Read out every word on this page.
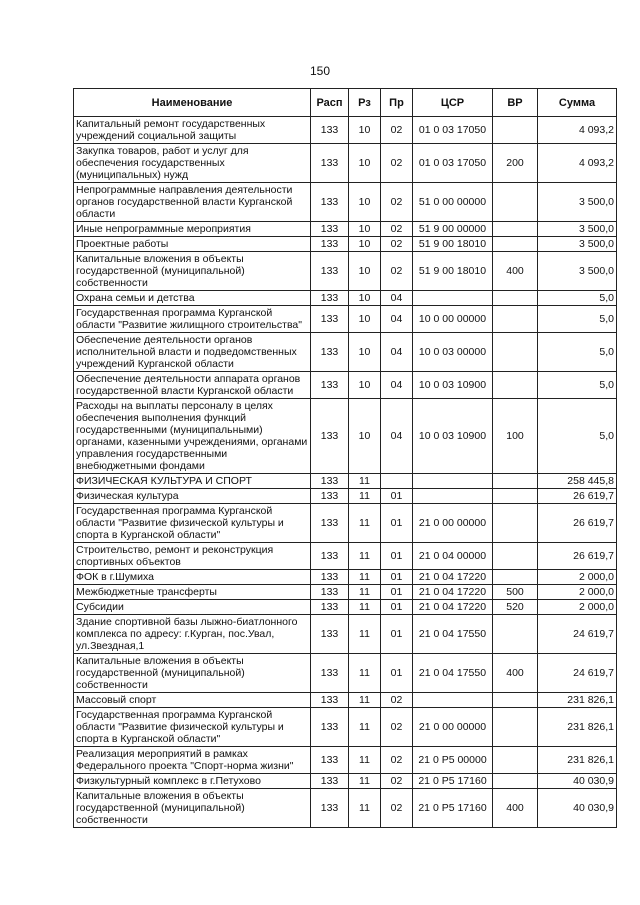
150
Наименование	Расп	Рз	Пр	ЦСР	ВР	Сумма
Капитальный ремонт государственных учреждений социальной защиты	133	10	02	01 0 03 17050		4 093,2
Закупка товаров, работ и услуг для обеспечения государственных (муниципальных) нужд	133	10	02	01 0 03 17050	200	4 093,2
Непрограммные направления деятельности органов государственной власти Курганской области	133	10	02	51 0 00 00000		3 500,0
Иные непрограммные мероприятия	133	10	02	51 9 00 00000		3 500,0
Проектные работы	133	10	02	51 9 00 18010		3 500,0
Капитальные вложения в объекты государственной (муниципальной) собственности	133	10	02	51 9 00 18010	400	3 500,0
Охрана семьи и детства	133	10	04			5,0
Государственная программа Курганской области "Развитие жилищного строительства"	133	10	04	10 0 00 00000		5,0
Обеспечение деятельности органов исполнительной власти и подведомственных учреждений Курганской области	133	10	04	10 0 03 00000		5,0
Обеспечение деятельности аппарата органов государственной власти Курганской области	133	10	04	10 0 03 10900		5,0
Расходы на выплаты персоналу в целях обеспечения выполнения функций государственными (муниципальными) органами, казенными учреждениями, органами управления государственными внебюджетными фондами	133	10	04	10 0 03 10900	100	5,0
ФИЗИЧЕСКАЯ КУЛЬТУРА И СПОРТ	133	11				258 445,8
Физическая культура	133	11	01			26 619,7
Государственная программа Курганской области "Развитие физической культуры и спорта в Курганской области"	133	11	01	21 0 00 00000		26 619,7
Строительство, ремонт и реконструкция спортивных объектов	133	11	01	21 0 04 00000		26 619,7
ФОК в г.Шумиха	133	11	01	21 0 04 17220		2 000,0
Межбюджетные трансферты	133	11	01	21 0 04 17220	500	2 000,0
Субсидии	133	11	01	21 0 04 17220	520	2 000,0
Здание спортивной базы лыжно-биатлонного комплекса по адресу: г.Курган, пос.Увал, ул.Звездная,1	133	11	01	21 0 04 17550		24 619,7
Капитальные вложения в объекты государственной (муниципальной) собственности	133	11	01	21 0 04 17550	400	24 619,7
Массовый спорт	133	11	02			231 826,1
Государственная программа Курганской области "Развитие физической культуры и спорта в Курганской области"	133	11	02	21 0 00 00000		231 826,1
Реализация мероприятий в рамках Федерального проекта "Спорт-норма жизни"	133	11	02	21 0 P5 00000		231 826,1
Физкультурный комплекс в г.Петухово	133	11	02	21 0 P5 17160		40 030,9
Капитальные вложения в объекты государственной (муниципальной) собственности	133	11	02	21 0 P5 17160	400	40 030,9
